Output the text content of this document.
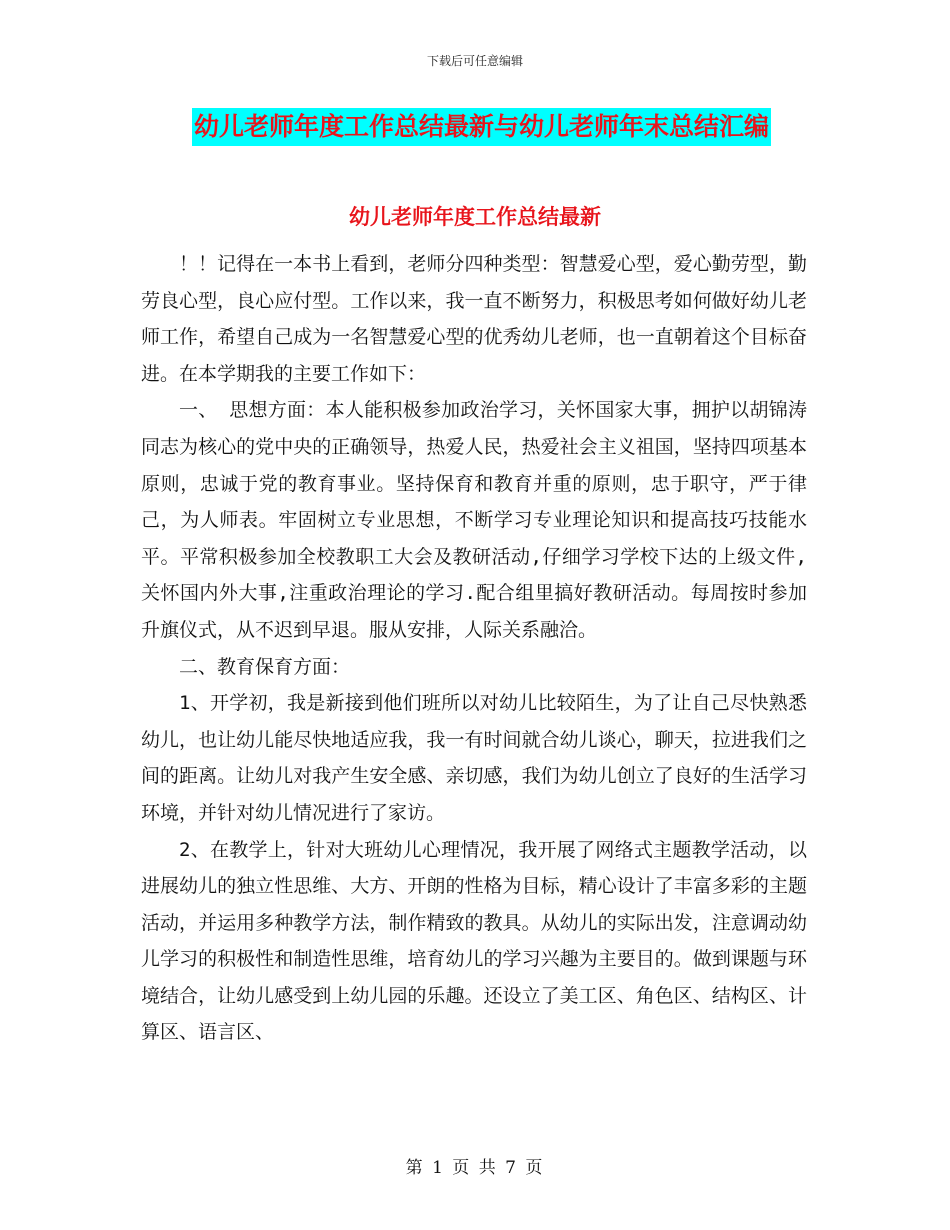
下载后可任意编辑
幼儿老师年度工作总结最新与幼儿老师年末总结汇编
幼儿老师年度工作总结最新

！！记得在一本书上看到，老师分四种类型：智慧爱心型，爱心勤劳型，勤劳良心型，良心应付型。工作以来，我一直不断努力，积极思考如何做好幼儿老师工作，希望自己成为一名智慧爱心型的优秀幼儿老师，也一直朝着这个目标奋进。在本学期我的主要工作如下：

一、 思想方面：本人能积极参加政治学习，关怀国家大事，拥护以胡锦涛同志为核心的党中央的正确领导，热爱人民，热爱社会主义祖国，坚持四项基本原则，忠诚于党的教育事业。坚持保育和教育并重的原则，忠于职守，严于律己，为人师表。牢固树立专业思想，不断学习专业理论知识和提高技巧技能水平。平常积极参加全校教职工大会及教研活动,仔细学习学校下达的上级文件,关怀国内外大事,注重政治理论的学习.配合组里搞好教研活动。每周按时参加升旗仪式，从不迟到早退。服从安排，人际关系融洽。

二、教育保育方面：

1、开学初，我是新接到他们班所以对幼儿比较陌生，为了让自己尽快熟悉幼儿，也让幼儿能尽快地适应我，我一有时间就合幼儿谈心，聊天，拉进我们之间的距离。让幼儿对我产生安全感、亲切感，我们为幼儿创立了良好的生活学习环境，并针对幼儿情况进行了家访。

2、在教学上，针对大班幼儿心理情况，我开展了网络式主题教学活动，以进展幼儿的独立性思维、大方、开朗的性格为目标，精心设计了丰富多彩的主题活动，并运用多种教学方法，制作精致的教具。从幼儿的实际出发，注意调动幼儿学习的积极性和制造性思维，培育幼儿的学习兴趣为主要目的。做到课题与环境结合，让幼儿感受到上幼儿园的乐趣。还设立了美工区、角色区、结构区、计算区、语言区、

第 1 页 共 7 页
